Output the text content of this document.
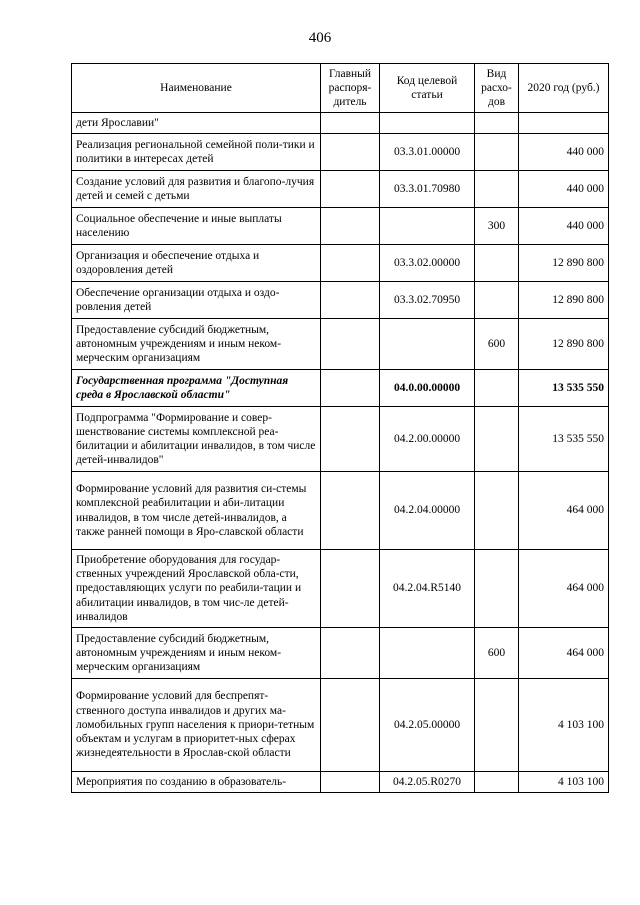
406
Наименование	Главный распоря-дитель	Код целевой статьи	Вид расхо-дов	2020 год (руб.)
дети Ярославии"				
Реализация региональной семейной поли-тики и политики в интересах детей		03.3.01.00000		440 000
Создание условий для развития и благопо-лучия детей и семей с детьми		03.3.01.70980		440 000
Социальное обеспечение и иные выплаты населению			300	440 000
Организация и обеспечение отдыха и оздоровления детей		03.3.02.00000		12 890 800
Обеспечение организации отдыха и оздо-ровления детей		03.3.02.70950		12 890 800
Предоставление субсидий бюджетным, автономным учреждениям и иным неком-мерческим организациям			600	12 890 800
Государственная программа "Доступная среда в Ярославской области"		04.0.00.00000		13 535 550
Подпрограмма "Формирование и совер-шенствование системы комплексной реа-билитации и абилитации инвалидов, в том числе детей-инвалидов"		04.2.00.00000		13 535 550
Формирование условий для развития си-стемы комплексной реабилитации и аби-литации инвалидов, в том числе детей-инвалидов, а также ранней помощи в Яро-славской области		04.2.04.00000		464 000
Приобретение оборудования для государ-ственных учреждений Ярославской обла-сти, предоставляющих услуги по реабили-тации и абилитации инвалидов, в том чис-ле детей-инвалидов		04.2.04.R5140		464 000
Предоставление субсидий бюджетным, автономным учреждениям и иным неком-мерческим организациям			600	464 000
Формирование условий для беспрепят-ственного доступа инвалидов и других ма-ломобильных групп населения к приори-тетным объектам и услугам в приоритет-ных сферах жизнедеятельности в Ярослав-ской области		04.2.05.00000		4 103 100
Мероприятия по созданию в образователь-		04.2.05.R0270		4 103 100
